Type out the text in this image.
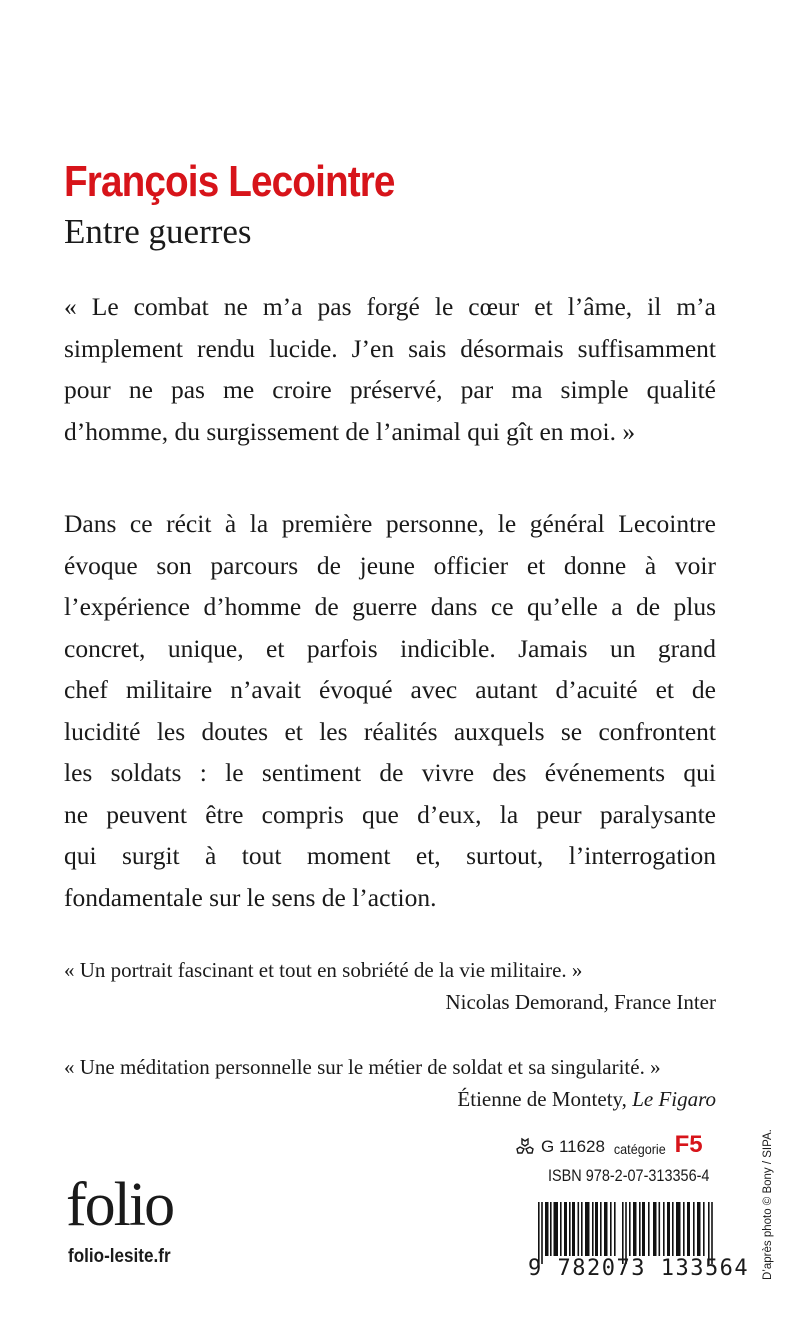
François Lecointre
Entre guerres
« Le combat ne m’a pas forgé le cœur et l’âme, il m’a
simplement rendu lucide. J’en sais désormais suffisamment
pour ne pas me croire préservé, par ma simple qualité
d’homme, du surgissement de l’animal qui gît en moi. »
Dans ce récit à la première personne, le général Lecointre
évoque son parcours de jeune officier et donne à voir
l’expérience d’homme de guerre dans ce qu’elle a de plus
concret, unique, et parfois indicible. Jamais un grand
chef militaire n’avait évoqué avec autant d’acuité et de
lucidité les doutes et les réalités auxquels se confrontent
les soldats : le sentiment de vivre des événements qui
ne peuvent être compris que d’eux, la peur paralysante
qui surgit à tout moment et, surtout, l’interrogation
fondamentale sur le sens de l’action.
« Un portrait fascinant et tout en sobriété de la vie militaire. »
Nicolas Demorand, France Inter
« Une méditation personnelle sur le métier de soldat et sa singularité. »
Étienne de Montety, Le Figaro
G 11628 catégorie F5
ISBN 978-2-07-313356-4
folio
folio-lesite.fr	9 782073 133564 D’après photo © Bony / SIPA.
